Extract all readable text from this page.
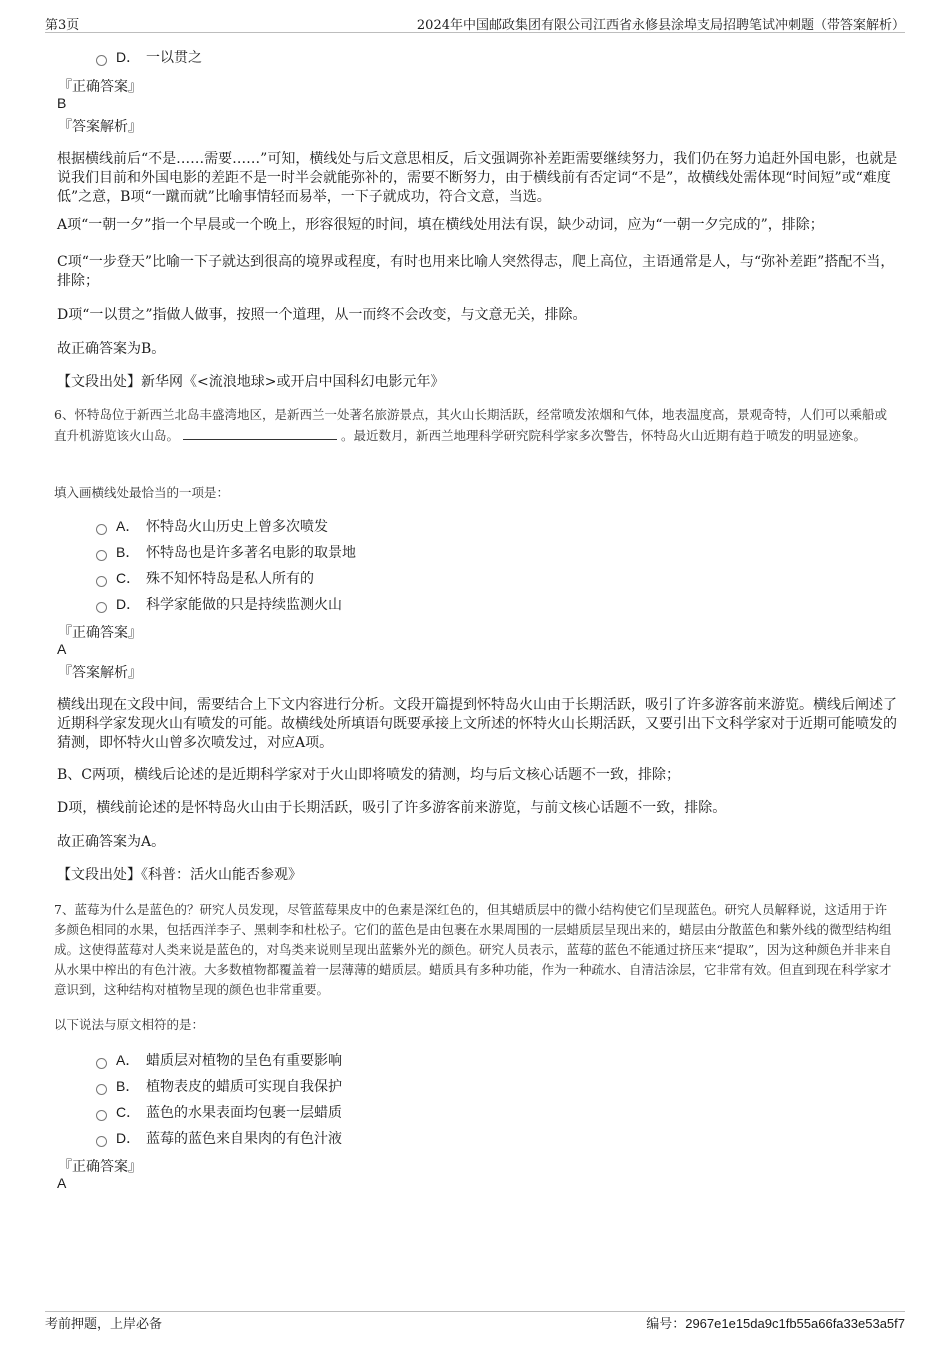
第3页	2024年中国邮政集团有限公司江西省永修县涂埠支局招聘笔试冲刺题（带答案解析）
D． 一以贯之
『正确答案』
B
『答案解析』
根据横线前后“不是……需要……”可知，横线处与后文意思相反，后文强调弥补差距需要继续努力，我们仍在努力追赶外国电影，也就是说我们目前和外国电影的差距不是一时半会就能弥补的，需要不断努力，由于横线前有否定词“不是”，故横线处需体现“时间短”或“难度低”之意，B项“一蹴而就”比喻事情轻而易举，一下子就成功，符合文意，当选。
A项“一朝一夕”指一个早晨或一个晚上，形容很短的时间，填在横线处用法有误，缺少动词，应为“一朝一夕完成的”，排除；
C项“一步登天”比喻一下子就达到很高的境界或程度，有时也用来比喻人突然得志，爬上高位，主语通常是人，与“弥补差距”搭配不当，排除；
D项“一以贯之”指做人做事，按照一个道理，从一而终不会改变，与文意无关，排除。
故正确答案为B。
【文段出处】新华网《<流浪地球>或开启中国科幻电影元年》
6、怀特岛位于新西兰北岛丰盛湾地区，是新西兰一处著名旅游景点，其火山长期活跃，经常喷发浓烟和气体，地表温度高，景观奇特，人们可以乘船或直升机游览该火山岛。	。最近数月，新西兰地理科学研究院科学家多次警告，怀特岛火山近期有趋于喷发的明显迹象。
填入画横线处最恰当的一项是：
A． 怀特岛火山历史上曾多次喷发
B． 怀特岛也是许多著名电影的取景地
C． 殊不知怀特岛是私人所有的
D． 科学家能做的只是持续监测火山
『正确答案』
A
『答案解析』
横线出现在文段中间，需要结合上下文内容进行分析。文段开篇提到怀特岛火山由于长期活跃，吸引了许多游客前来游览。横线后阐述了近期科学家发现火山有喷发的可能。故横线处所填语句既要承接上文所述的怀特火山长期活跃，又要引出下文科学家对于近期可能喷发的猜测，即怀特火山曾多次喷发过，对应A项。
B、C两项，横线后论述的是近期科学家对于火山即将喷发的猜测，均与后文核心话题不一致，排除；
D项，横线前论述的是怀特岛火山由于长期活跃，吸引了许多游客前来游览，与前文核心话题不一致，排除。
故正确答案为A。
【文段出处】《科普：活火山能否参观》
7、蓝莓为什么是蓝色的？研究人员发现，尽管蓝莓果皮中的色素是深红色的，但其蜡质层中的微小结构使它们呈现蓝色。研究人员解释说，这适用于许多颜色相同的水果，包括西洋李子、黑刺李和杜松子。它们的蓝色是由包裹在水果周围的一层蜡质层呈现出来的，蜡层由分散蓝色和紫外线的微型结构组成。这使得蓝莓对人类来说是蓝色的，对鸟类来说则呈现出蓝紫外光的颜色。研究人员表示，蓝莓的蓝色不能通过挤压来“提取”，因为这种颜色并非来自从水果中榨出的有色汁液。大多数植物都覆盖着一层薄薄的蜡质层。蜡质具有多种功能，作为一种疏水、自清洁涂层，它非常有效。但直到现在科学家才意识到，这种结构对植物呈现的颜色也非常重要。
以下说法与原文相符的是：
A． 蜡质层对植物的呈色有重要影响
B． 植物表皮的蜡质可实现自我保护
C． 蓝色的水果表面均包裹一层蜡质
D． 蓝莓的蓝色来自果肉的有色汁液
『正确答案』
A
考前押题，上岸必备	编号：2967e1e15da9c1fb55a66fa33e53a5f7
